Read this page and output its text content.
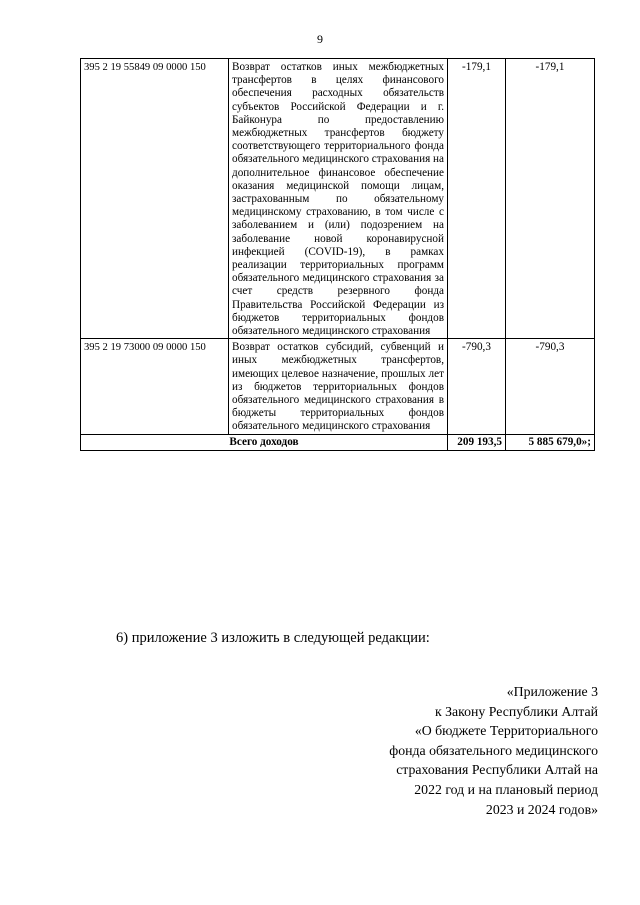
9
395 2 19 55849 09 0000 150	Возврат остатков иных межбюджетных трансфертов в целях финансового обеспечения расходных обязательств субъектов Российской Федерации и г. Байконура по предоставлению межбюджетных трансфертов бюджету соответствующего территориального фонда обязательного медицинского страхования на дополнительное финансовое обеспечение оказания медицинской помощи лицам, застрахованным по обязательному медицинскому страхованию, в том числе с заболеванием и (или) подозрением на заболевание новой коронавирусной инфекцией (COVID-19), в рамках реализации территориальных программ обязательного медицинского страхования за счет средств резервного фонда Правительства Российской Федерации из бюджетов территориальных фондов обязательного медицинского страхования	-179,1	-179,1
395 2 19 73000 09 0000 150	Возврат остатков субсидий, субвенций и иных межбюджетных трансфертов, имеющих целевое назначение, прошлых лет из бюджетов территориальных фондов обязательного медицинского страхования в бюджеты территориальных фондов обязательного медицинского страхования	-790,3	-790,3
Всего доходов		209 193,5	5 885 679,0»;
6) приложение 3 изложить в следующей редакции:
«Приложение 3
к Закону Республики Алтай
«О бюджете Территориального
фонда обязательного медицинского
страхования Республики Алтай на
2022 год и на плановый период
2023 и 2024 годов»
